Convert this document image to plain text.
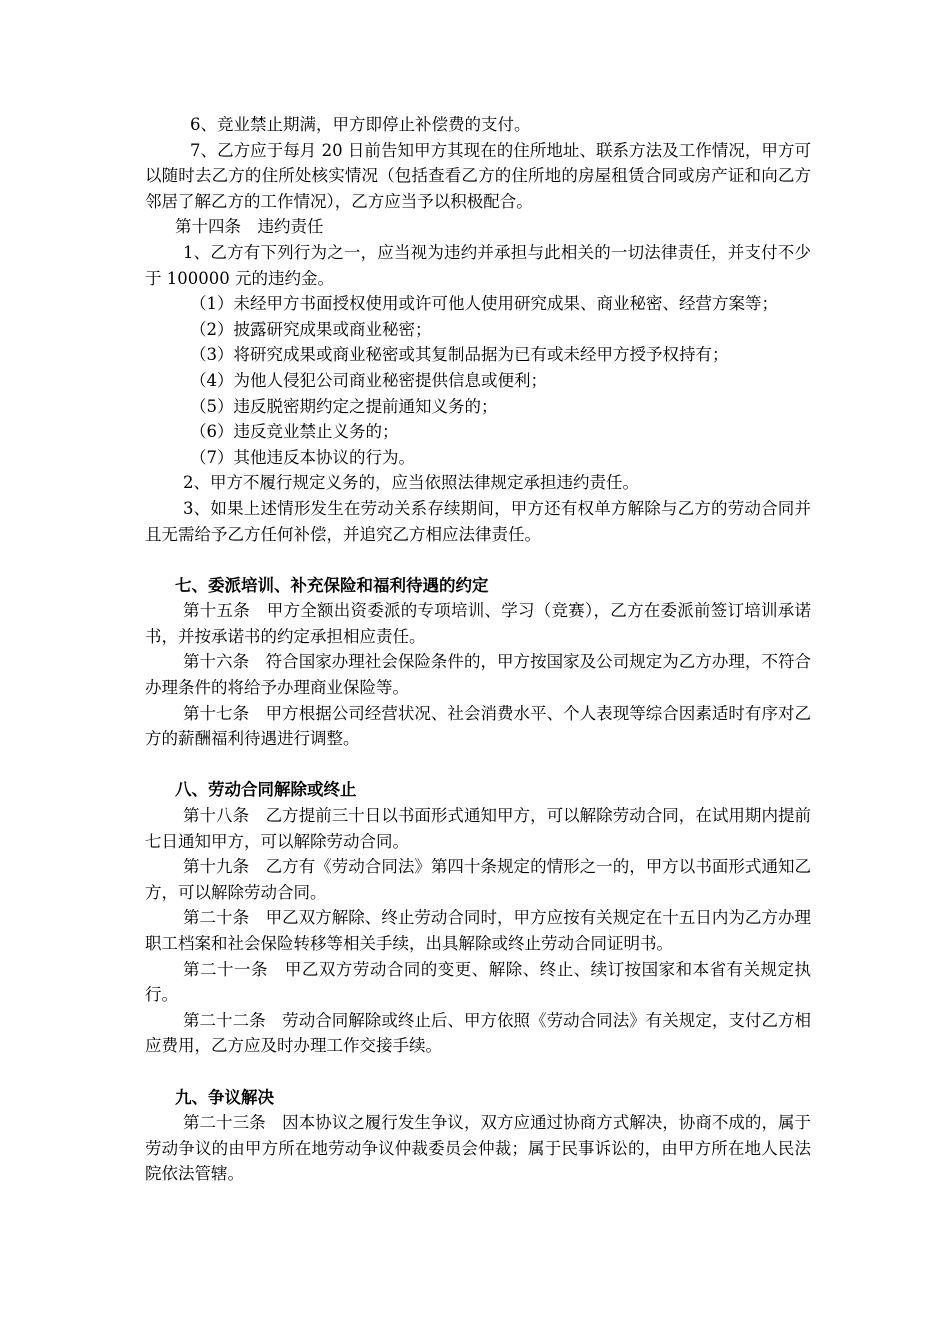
6、竞业禁止期满，甲方即停止补偿费的支付。

7、乙方应于每月 20 日前告知甲方其现在的住所地址、联系方法及工作情况，甲方可以随时去乙方的住所处核实情况（包括查看乙方的住所地的房屋租赁合同或房产证和向乙方邻居了解乙方的工作情况），乙方应当予以积极配合。

第十四条　违约责任

1、乙方有下列行为之一，应当视为违约并承担与此相关的一切法律责任，并支付不少于 100000 元的违约金。

（1）未经甲方书面授权使用或许可他人使用研究成果、商业秘密、经营方案等；

（2）披露研究成果或商业秘密；

（3）将研究成果或商业秘密或其复制品据为已有或未经甲方授予权持有；

（4）为他人侵犯公司商业秘密提供信息或便利；

（5）违反脱密期约定之提前通知义务的；

（6）违反竞业禁止义务的；

（7）其他违反本协议的行为。

2、甲方不履行规定义务的，应当依照法律规定承担违约责任。

3、如果上述情形发生在劳动关系存续期间，甲方还有权单方解除与乙方的劳动合同并且无需给予乙方任何补偿，并追究乙方相应法律责任。

七、委派培训、补充保险和福利待遇的约定

第十五条　甲方全额出资委派的专项培训、学习（竞赛），乙方在委派前签订培训承诺书，并按承诺书的约定承担相应责任。

第十六条　符合国家办理社会保险条件的，甲方按国家及公司规定为乙方办理，不符合办理条件的将给予办理商业保险等。

第十七条　甲方根据公司经营状况、社会消费水平、个人表现等综合因素适时有序对乙方的薪酬福利待遇进行调整。

八、劳动合同解除或终止

第十八条　乙方提前三十日以书面形式通知甲方，可以解除劳动合同，在试用期内提前七日通知甲方，可以解除劳动合同。

第十九条　乙方有《劳动合同法》第四十条规定的情形之一的，甲方以书面形式通知乙方，可以解除劳动合同。

第二十条　甲乙双方解除、终止劳动合同时，甲方应按有关规定在十五日内为乙方办理职工档案和社会保险转移等相关手续，出具解除或终止劳动合同证明书。

第二十一条　甲乙双方劳动合同的变更、解除、终止、续订按国家和本省有关规定执行。

第二十二条　劳动合同解除或终止后、甲方依照《劳动合同法》有关规定，支付乙方相应费用，乙方应及时办理工作交接手续。

九、争议解决

第二十三条　因本协议之履行发生争议，双方应通过协商方式解决，协商不成的，属于劳动争议的由甲方所在地劳动争议仲裁委员会仲裁；属于民事诉讼的，由甲方所在地人民法院依法管辖。
